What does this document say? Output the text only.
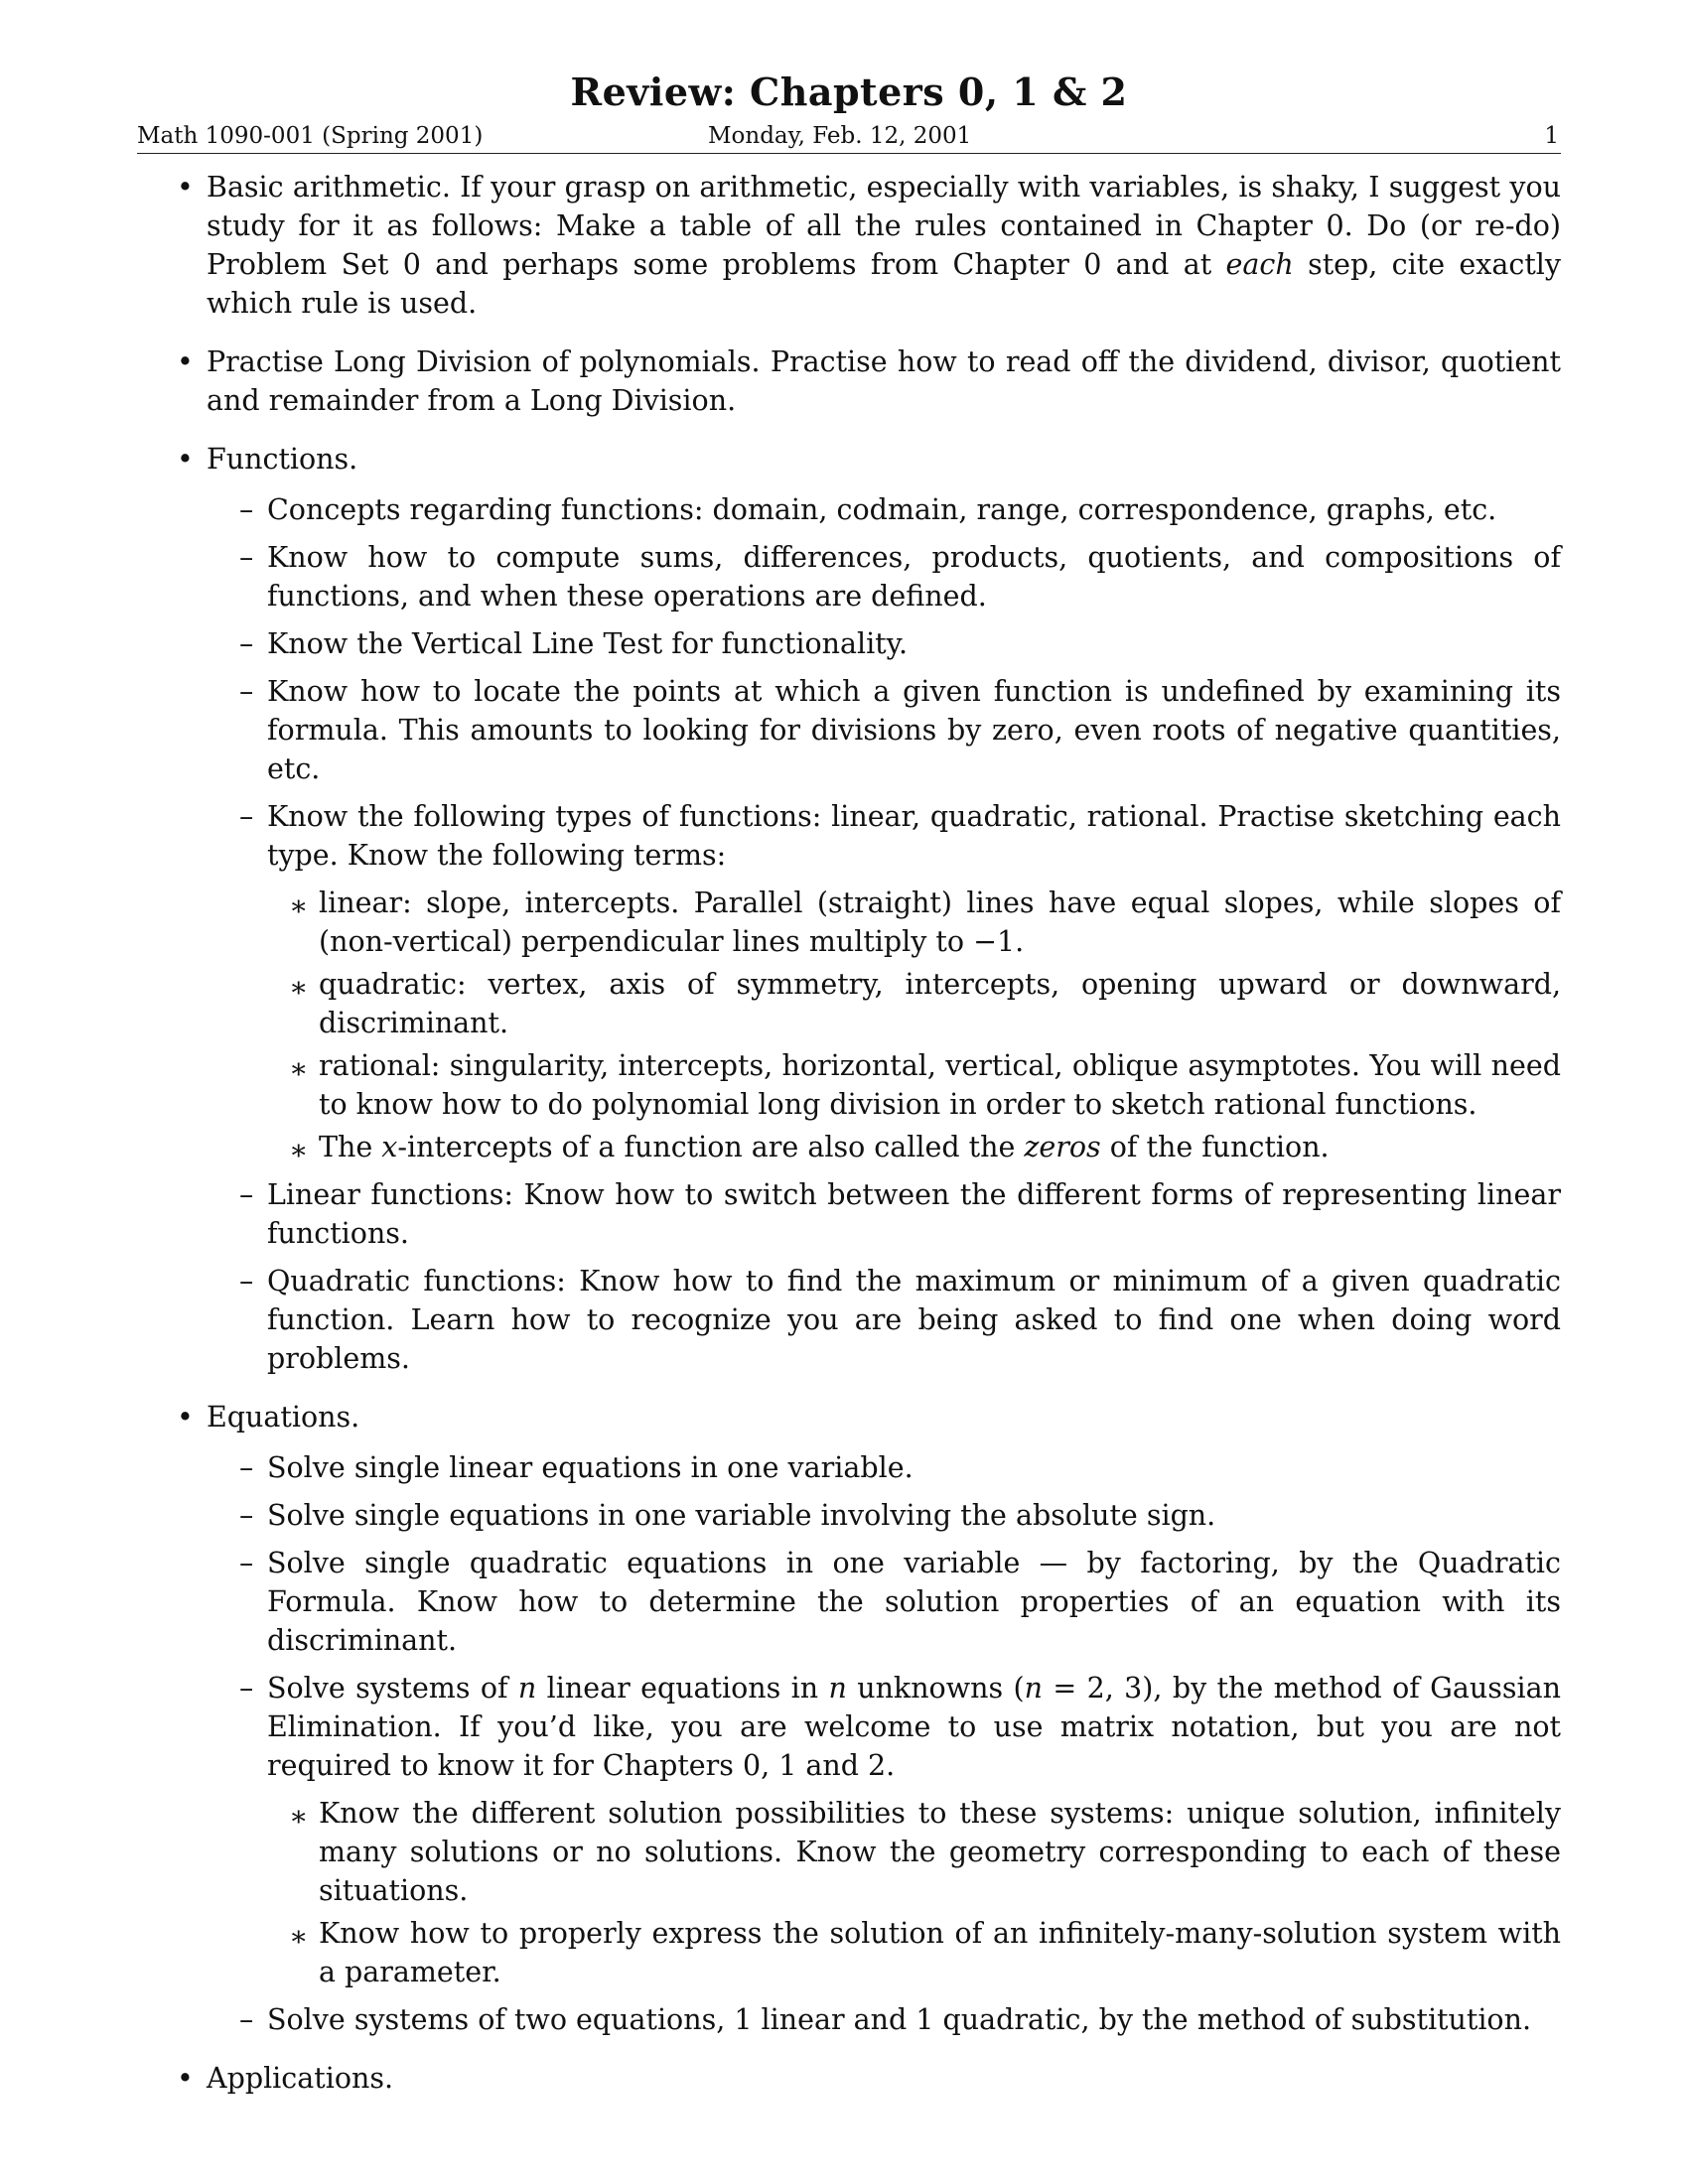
Review: Chapters 0, 1 & 2
Math 1090-001 (Spring 2001)	Monday, Feb. 12, 2001	1
• Basic arithmetic. If your grasp on arithmetic, especially with variables, is shaky, I suggest you study for it as follows: Make a table of all the rules contained in Chapter 0. Do (or re-do) Problem Set 0 and perhaps some problems from Chapter 0 and at each step, cite exactly which rule is used.
• Practise Long Division of polynomials. Practise how to read off the dividend, divisor, quotient and remainder from a Long Division.
• Functions.
– Concepts regarding functions: domain, codmain, range, correspondence, graphs, etc.
– Know how to compute sums, differences, products, quotients, and compositions of functions, and when these operations are defined.
– Know the Vertical Line Test for functionality.
– Know how to locate the points at which a given function is undefined by examining its formula. This amounts to looking for divisions by zero, even roots of negative quantities, etc.
– Know the following types of functions: linear, quadratic, rational. Practise sketching each type. Know the following terms:
∗ linear: slope, intercepts. Parallel (straight) lines have equal slopes, while slopes of (non-vertical) perpendicular lines multiply to −1.
∗ quadratic: vertex, axis of symmetry, intercepts, opening upward or downward, discriminant.
∗ rational: singularity, intercepts, horizontal, vertical, oblique asymptotes. You will need to know how to do polynomial long division in order to sketch rational functions.
∗ The x-intercepts of a function are also called the zeros of the function.
– Linear functions: Know how to switch between the different forms of representing linear functions.
– Quadratic functions: Know how to find the maximum or minimum of a given quadratic function. Learn how to recognize you are being asked to find one when doing word problems.
• Equations.
– Solve single linear equations in one variable.
– Solve single equations in one variable involving the absolute sign.
– Solve single quadratic equations in one variable — by factoring, by the Quadratic Formula. Know how to determine the solution properties of an equation with its discriminant.
– Solve systems of n linear equations in n unknowns (n = 2, 3), by the method of Gaussian Elimination. If you’d like, you are welcome to use matrix notation, but you are not required to know it for Chapters 0, 1 and 2.
∗ Know the different solution possibilities to these systems: unique solution, infinitely many solutions or no solutions. Know the geometry corresponding to each of these situations.
∗ Know how to properly express the solution of an infinitely-many-solution system with a parameter.
– Solve systems of two equations, 1 linear and 1 quadratic, by the method of substitution.
• Applications.
